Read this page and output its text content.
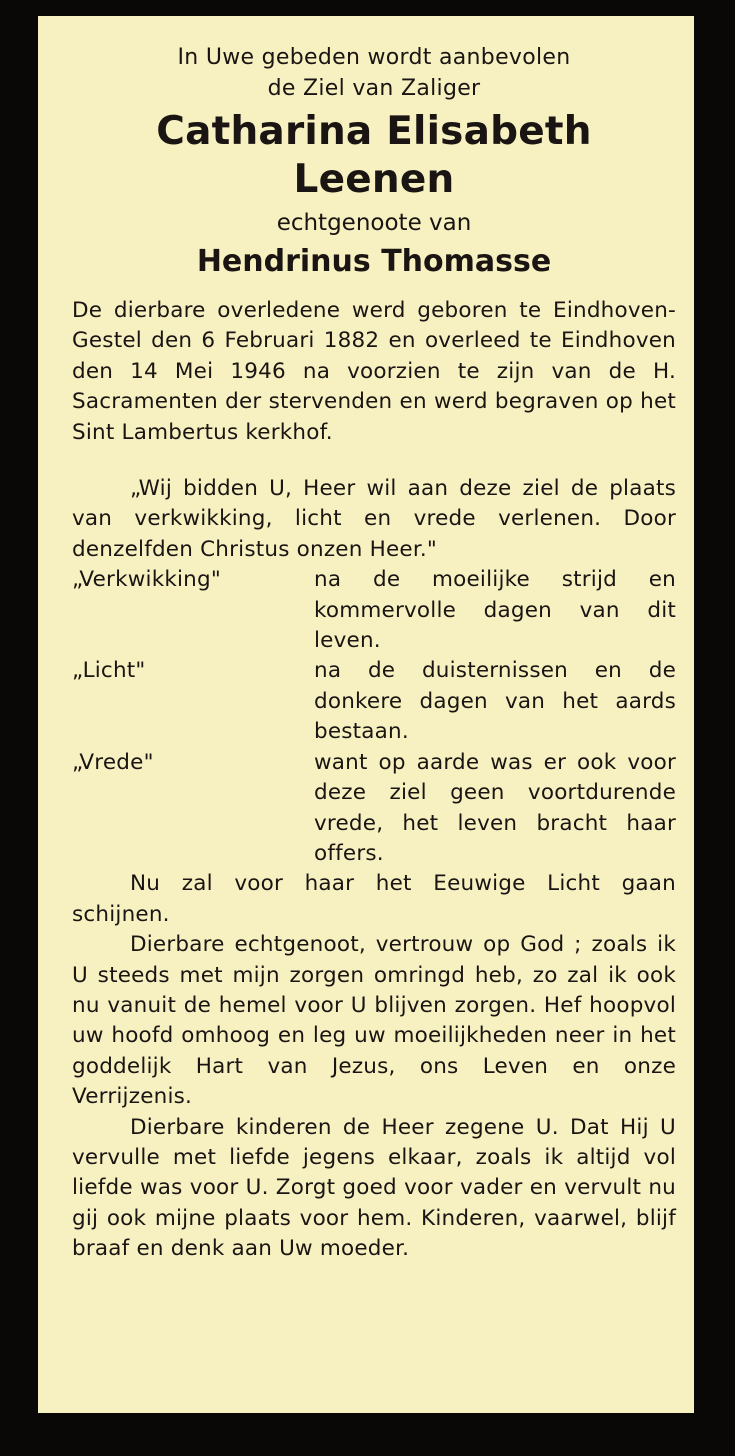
In Uwe gebeden wordt aanbevolen
de Ziel van Zaliger
Catharina Elisabeth Leenen
echtgenoote van
Hendrinus Thomasse

De dierbare overledene werd geboren te Eindhoven-Gestel den 6 Februari 1882 en overleed te Eindhoven den 14 Mei 1946 na voorzien te zijn van de H. Sacramenten der stervenden en werd begraven op het Sint Lambertus kerkhof.

„Wij bidden U, Heer wil aan deze ziel de plaats van verkwikking, licht en vrede verlenen. Door denzelfden Christus onzen Heer."

„Verkwikking"	na de moeilijke strijd en kommervolle dagen van dit leven.
„Licht"	na de duisternissen en de donkere dagen van het aards bestaan.
„Vrede"	want op aarde was er ook voor deze ziel geen voortdurende vrede, het leven bracht haar offers.

Nu zal voor haar het Eeuwige Licht gaan schijnen.

Dierbare echtgenoot, vertrouw op God ; zoals ik U steeds met mijn zorgen omringd heb, zo zal ik ook nu vanuit de hemel voor U blijven zorgen. Hef hoopvol uw hoofd omhoog en leg uw moeilijkheden neer in het goddelijk Hart van Jezus, ons Leven en onze Verrijzenis.

Dierbare kinderen de Heer zegene U. Dat Hij U vervulle met liefde jegens elkaar, zoals ik altijd vol liefde was voor U. Zorgt goed voor vader en vervult nu gij ook mijne plaats voor hem. Kinderen, vaarwel, blijf braaf en denk aan Uw moeder.
